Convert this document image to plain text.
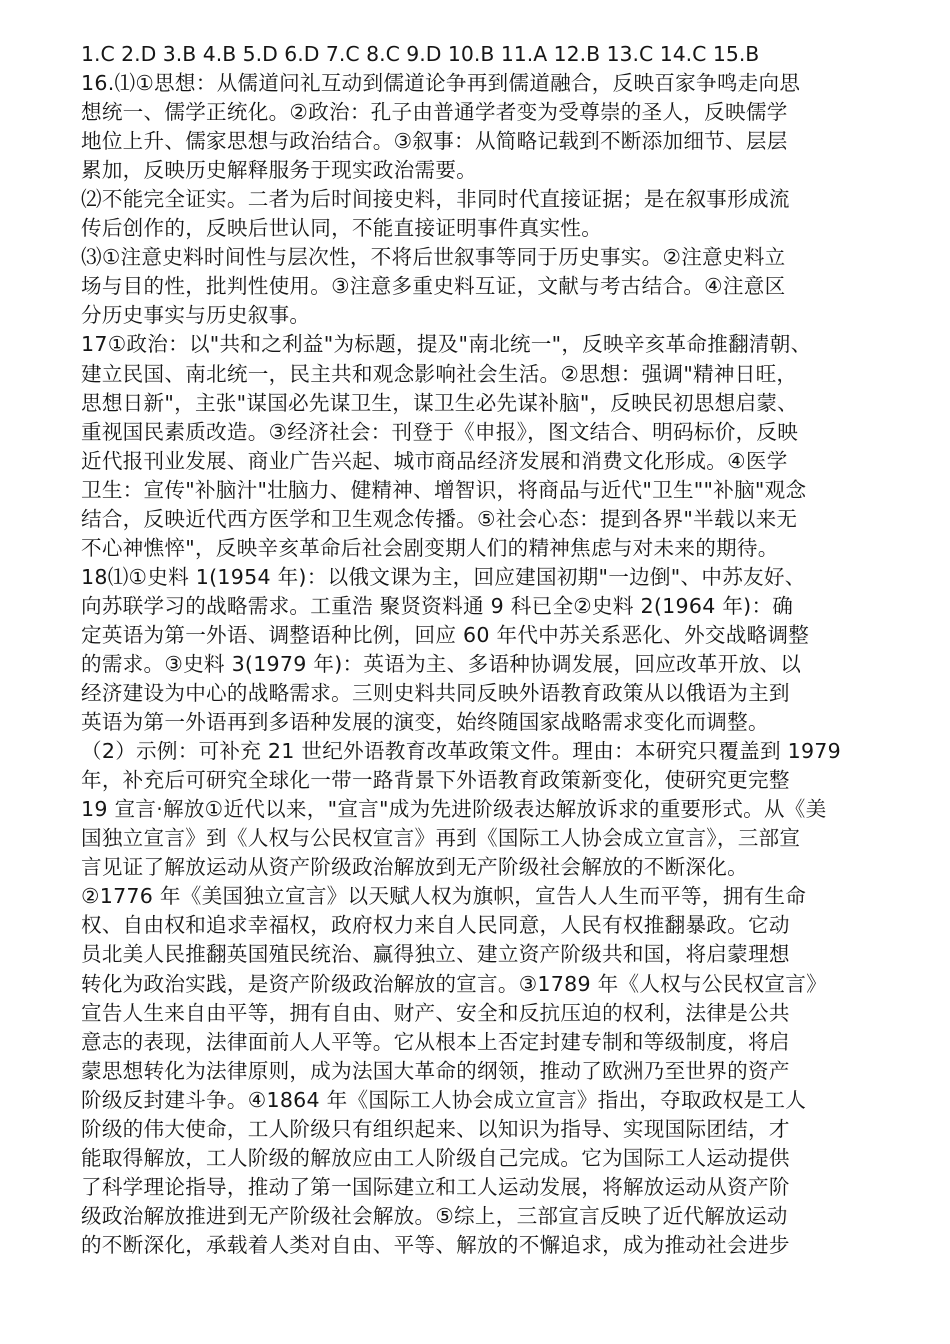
1.C 2.D 3.B 4.B 5.D 6.D 7.C 8.C 9.D 10.B 11.A 12.B 13.C 14.C 15.B

16.⑴①思想：从儒道问礼互动到儒道论争再到儒道融合，反映百家争鸣走向思

想统一、儒学正统化。②政治：孔子由普通学者变为受尊崇的圣人，反映儒学

地位上升、儒家思想与政治结合。③叙事：从简略记载到不断添加细节、层层

累加，反映历史解释服务于现实政治需要。

⑵不能完全证实。二者为后时间接史料，非同时代直接证据；是在叙事形成流

传后创作的，反映后世认同，不能直接证明事件真实性。

⑶①注意史料时间性与层次性，不将后世叙事等同于历史事实。②注意史料立

场与目的性，批判性使用。③注意多重史料互证，文献与考古结合。④注意区

分历史事实与历史叙事。

17①政治：以"共和之利益"为标题，提及"南北统一"，反映辛亥革命推翻清朝、

建立民国、南北统一，民主共和观念影响社会生活。②思想：强调"精神日旺，

思想日新"，主张"谋国必先谋卫生，谋卫生必先谋补脑"，反映民初思想启蒙、

重视国民素质改造。③经济社会：刊登于《申报》，图文结合、明码标价，反映

近代报刊业发展、商业广告兴起、城市商品经济发展和消费文化形成。④医学

卫生：宣传"补脑汁"壮脑力、健精神、增智识，将商品与近代"卫生""补脑"观念

结合，反映近代西方医学和卫生观念传播。⑤社会心态：提到各界"半载以来无

不心神憔悴"，反映辛亥革命后社会剧变期人们的精神焦虑与对未来的期待。

18⑴①史料 1(1954 年)：以俄文课为主，回应建国初期"一边倒"、中苏友好、

向苏联学习的战略需求。工重浩 聚贤资料通 9 科已全②史料 2(1964 年)：确

定英语为第一外语、调整语种比例，回应 60 年代中苏关系恶化、外交战略调整

的需求。③史料 3(1979 年)：英语为主、多语种协调发展，回应改革开放、以

经济建设为中心的战略需求。三则史料共同反映外语教育政策从以俄语为主到

英语为第一外语再到多语种发展的演变，始终随国家战略需求变化而调整。

（2）示例：可补充 21 世纪外语教育改革政策文件。理由：本研究只覆盖到 1979

年，补充后可研究全球化一带一路背景下外语教育政策新变化，使研究更完整

19 宣言·解放①近代以来，"宣言"成为先进阶级表达解放诉求的重要形式。从《美

国独立宣言》到《人权与公民权宣言》再到《国际工人协会成立宣言》，三部宣

言见证了解放运动从资产阶级政治解放到无产阶级社会解放的不断深化。

②1776 年《美国独立宣言》以天赋人权为旗帜，宣告人人生而平等，拥有生命

权、自由权和追求幸福权，政府权力来自人民同意，人民有权推翻暴政。它动

员北美人民推翻英国殖民统治、赢得独立、建立资产阶级共和国，将启蒙理想

转化为政治实践，是资产阶级政治解放的宣言。③1789 年《人权与公民权宣言》

宣告人生来自由平等，拥有自由、财产、安全和反抗压迫的权利，法律是公共

意志的表现，法律面前人人平等。它从根本上否定封建专制和等级制度，将启

蒙思想转化为法律原则，成为法国大革命的纲领，推动了欧洲乃至世界的资产

阶级反封建斗争。④1864 年《国际工人协会成立宣言》指出，夺取政权是工人

阶级的伟大使命，工人阶级只有组织起来、以知识为指导、实现国际团结，才

能取得解放，工人阶级的解放应由工人阶级自己完成。它为国际工人运动提供

了科学理论指导，推动了第一国际建立和工人运动发展，将解放运动从资产阶

级政治解放推进到无产阶级社会解放。⑤综上，三部宣言反映了近代解放运动

的不断深化，承载着人类对自由、平等、解放的不懈追求，成为推动社会进步
